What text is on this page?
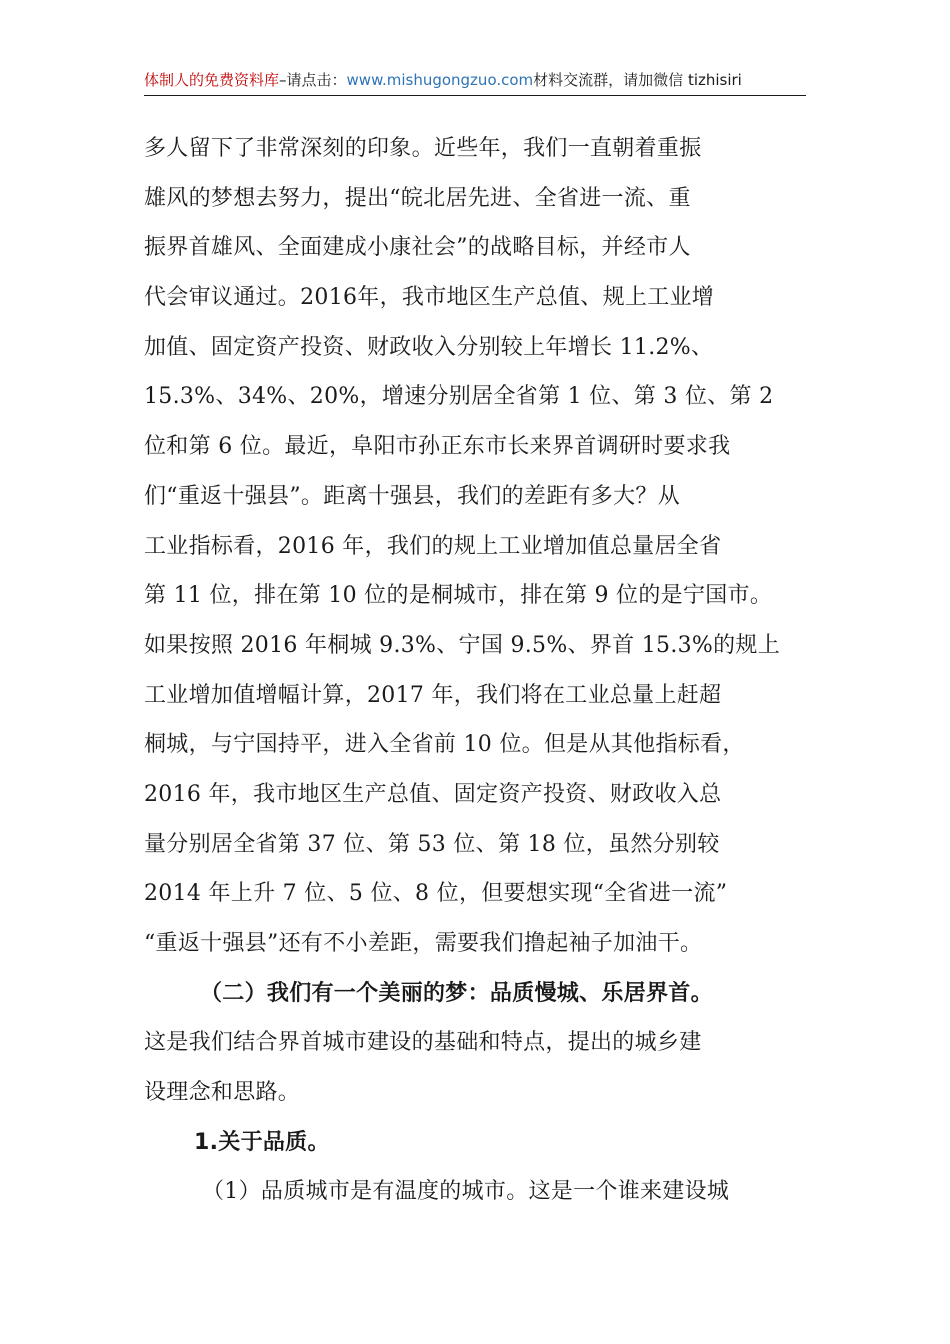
体制人的免费资料库–请点击：www.mishugongzuo.com材料交流群，请加微信 tizhisiri
多人留下了非常深刻的印象。近些年，我们一直朝着重振
雄风的梦想去努力，提出“皖北居先进、全省进一流、重
振界首雄风、全面建成小康社会”的战略目标，并经市人
代会审议通过。2016年，我市地区生产总值、规上工业增
加值、固定资产投资、财政收入分别较上年增长 11.2%、
15.3%、34%、20%，增速分别居全省第 1 位、第 3 位、第 2
位和第 6 位。最近，阜阳市孙正东市长来界首调研时要求我
们“重返十强县”。距离十强县，我们的差距有多大？从
工业指标看，2016 年，我们的规上工业增加值总量居全省
第 11 位，排在第 10 位的是桐城市，排在第 9 位的是宁国市。
如果按照 2016 年桐城 9.3%、宁国 9.5%、界首 15.3%的规上
工业增加值增幅计算，2017 年，我们将在工业总量上赶超
桐城，与宁国持平，进入全省前 10 位。但是从其他指标看，
2016 年，我市地区生产总值、固定资产投资、财政收入总
量分别居全省第 37 位、第 53 位、第 18 位，虽然分别较
2014 年上升 7 位、5 位、8 位，但要想实现“全省进一流”
“重返十强县”还有不小差距，需要我们撸起袖子加油干。
（二）我们有一个美丽的梦：品质慢城、乐居界首。
这是我们结合界首城市建设的基础和特点，提出的城乡建
设理念和思路。
1.关于品质。
（1）品质城市是有温度的城市。这是一个谁来建设城
